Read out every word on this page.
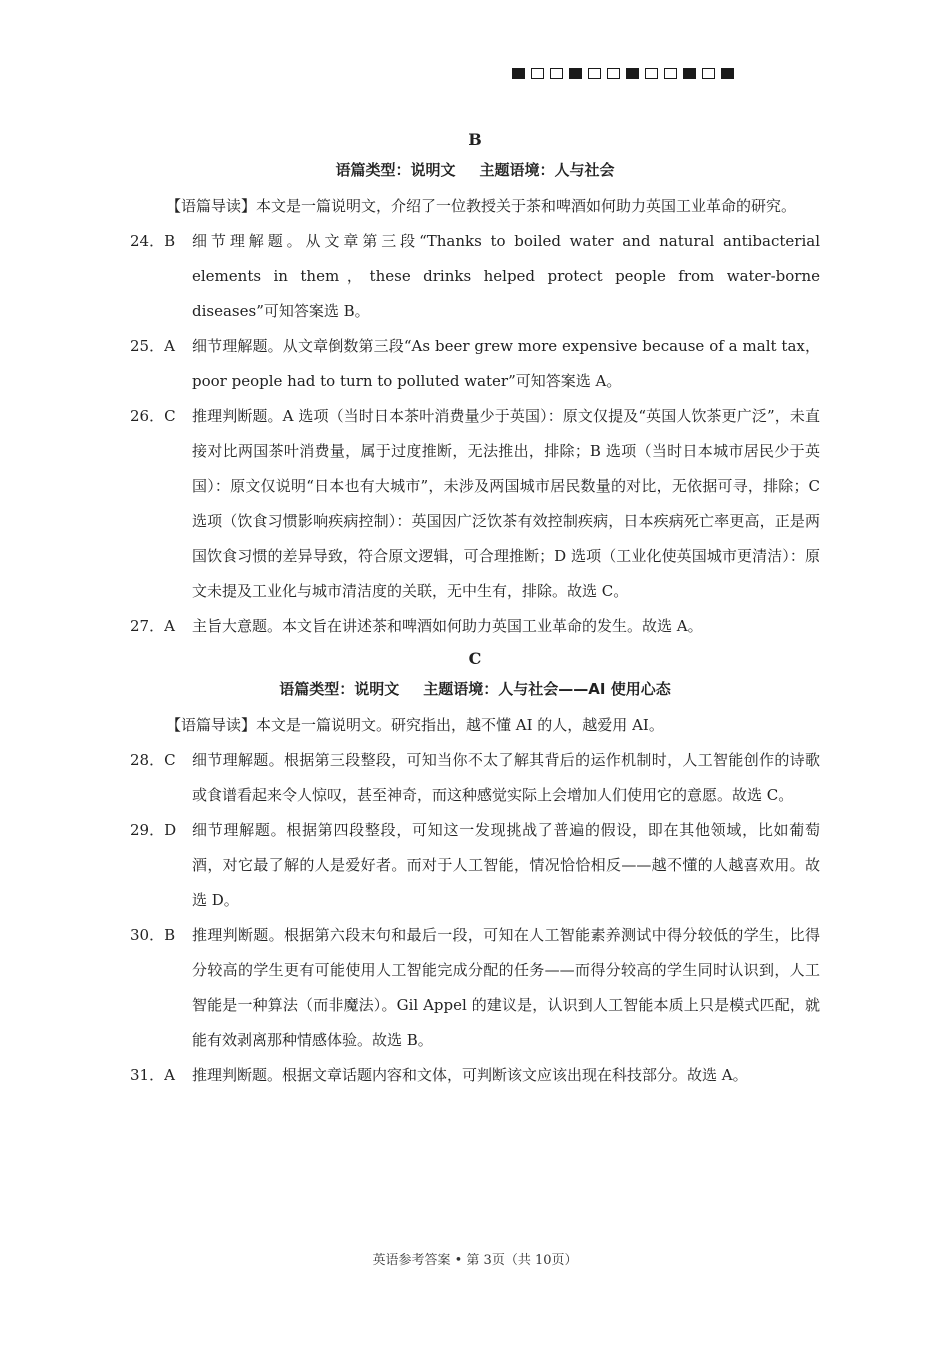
B

语篇类型：说明文 主题语境：人与社会

【语篇导读】本文是一篇说明文，介绍了一位教授关于茶和啤酒如何助力英国工业革命的研究。

24．B	细节理解题。从文章第三段“Thanks to boiled water and natural antibacterial elements in them，these drinks helped protect people from water-borne diseases”可知答案选 B。
25．A	细节理解题。从文章倒数第三段“As beer grew more expensive because of a malt tax，poor people had to turn to polluted water”可知答案选 A。
26．C	推理判断题。A 选项（当时日本茶叶消费量少于英国）：原文仅提及“英国人饮茶更广泛”，未直接对比两国茶叶消费量，属于过度推断，无法推出，排除；B 选项（当时日本城市居民少于英国）：原文仅说明“日本也有大城市”，未涉及两国城市居民数量的对比，无依据可寻，排除；C 选项（饮食习惯影响疾病控制）：英国因广泛饮茶有效控制疾病，日本疾病死亡率更高，正是两国饮食习惯的差异导致，符合原文逻辑，可合理推断；D 选项（工业化使英国城市更清洁）：原文未提及工业化与城市清洁度的关联，无中生有，排除。故选 C。
27．A	主旨大意题。本文旨在讲述茶和啤酒如何助力英国工业革命的发生。故选 A。

C

语篇类型：说明文 主题语境：人与社会——AI 使用心态

【语篇导读】本文是一篇说明文。研究指出，越不懂 AI 的人，越爱用 AI。

28．C	细节理解题。根据第三段整段，可知当你不太了解其背后的运作机制时，人工智能创作的诗歌或食谱看起来令人惊叹，甚至神奇，而这种感觉实际上会增加人们使用它的意愿。故选 C。
29．D	细节理解题。根据第四段整段，可知这一发现挑战了普遍的假设，即在其他领域，比如葡萄酒，对它最了解的人是爱好者。而对于人工智能，情况恰恰相反——越不懂的人越喜欢用。故选 D。
30．B	推理判断题。根据第六段末句和最后一段，可知在人工智能素养测试中得分较低的学生，比得分较高的学生更有可能使用人工智能完成分配的任务——而得分较高的学生同时认识到，人工智能是一种算法（而非魔法）。Gil Appel 的建议是，认识到人工智能本质上只是模式匹配，就能有效剥离那种情感体验。故选 B。
31．A	推理判断题。根据文章话题内容和文体，可判断该文应该出现在科技部分。故选 A。
英语参考答案 • 第 3页（共 10页）
